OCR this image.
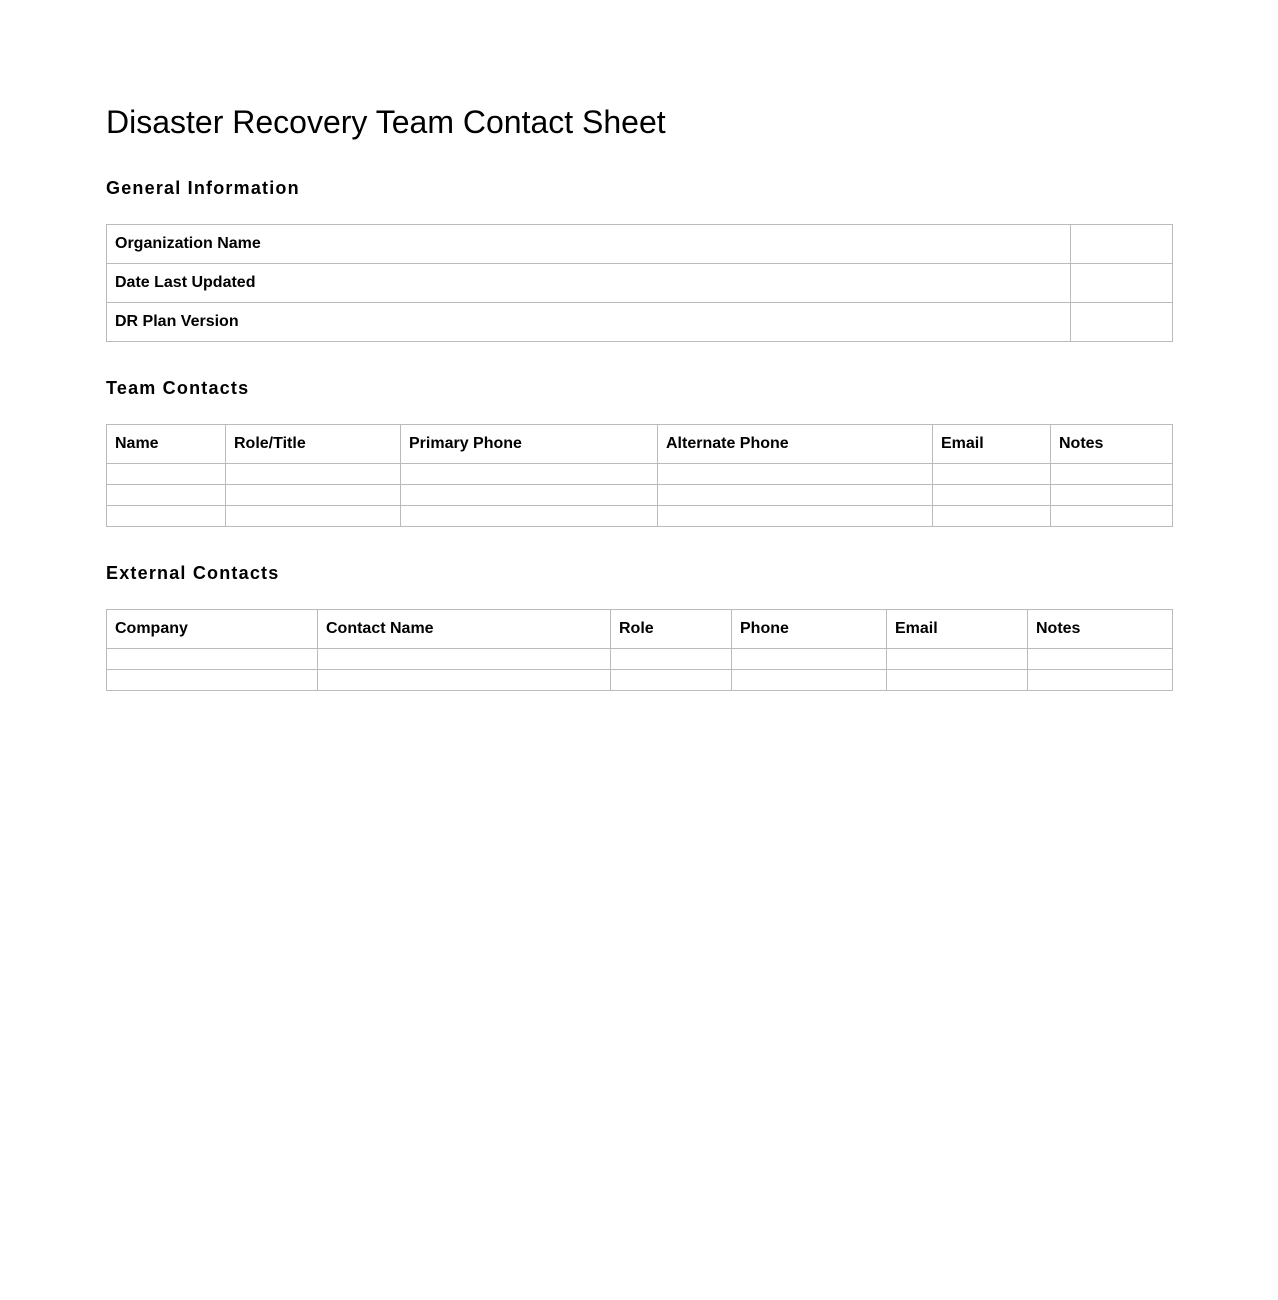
Disaster Recovery Team Contact Sheet
General Information
Organization Name	
Date Last Updated	
DR Plan Version	
Team Contacts
Name	Role/Title	Primary Phone	Alternate Phone	Email	Notes

External Contacts
Company	Contact Name	Role	Phone	Email	Notes
